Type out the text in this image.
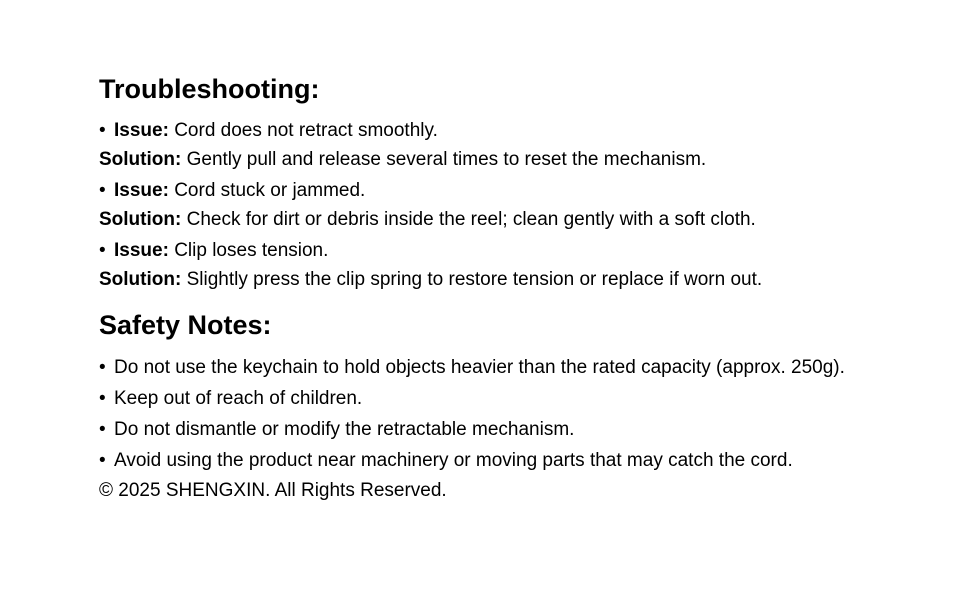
Troubleshooting:
• Issue: Cord does not retract smoothly.
Solution: Gently pull and release several times to reset the mechanism.
• Issue: Cord stuck or jammed.
Solution: Check for dirt or debris inside the reel; clean gently with a soft cloth.
• Issue: Clip loses tension.
Solution: Slightly press the clip spring to restore tension or replace if worn out.
Safety Notes:
• Do not use the keychain to hold objects heavier than the rated capacity (approx. 250g).
• Keep out of reach of children.
• Do not dismantle or modify the retractable mechanism.
• Avoid using the product near machinery or moving parts that may catch the cord.
© 2025 SHENGXIN. All Rights Reserved.
